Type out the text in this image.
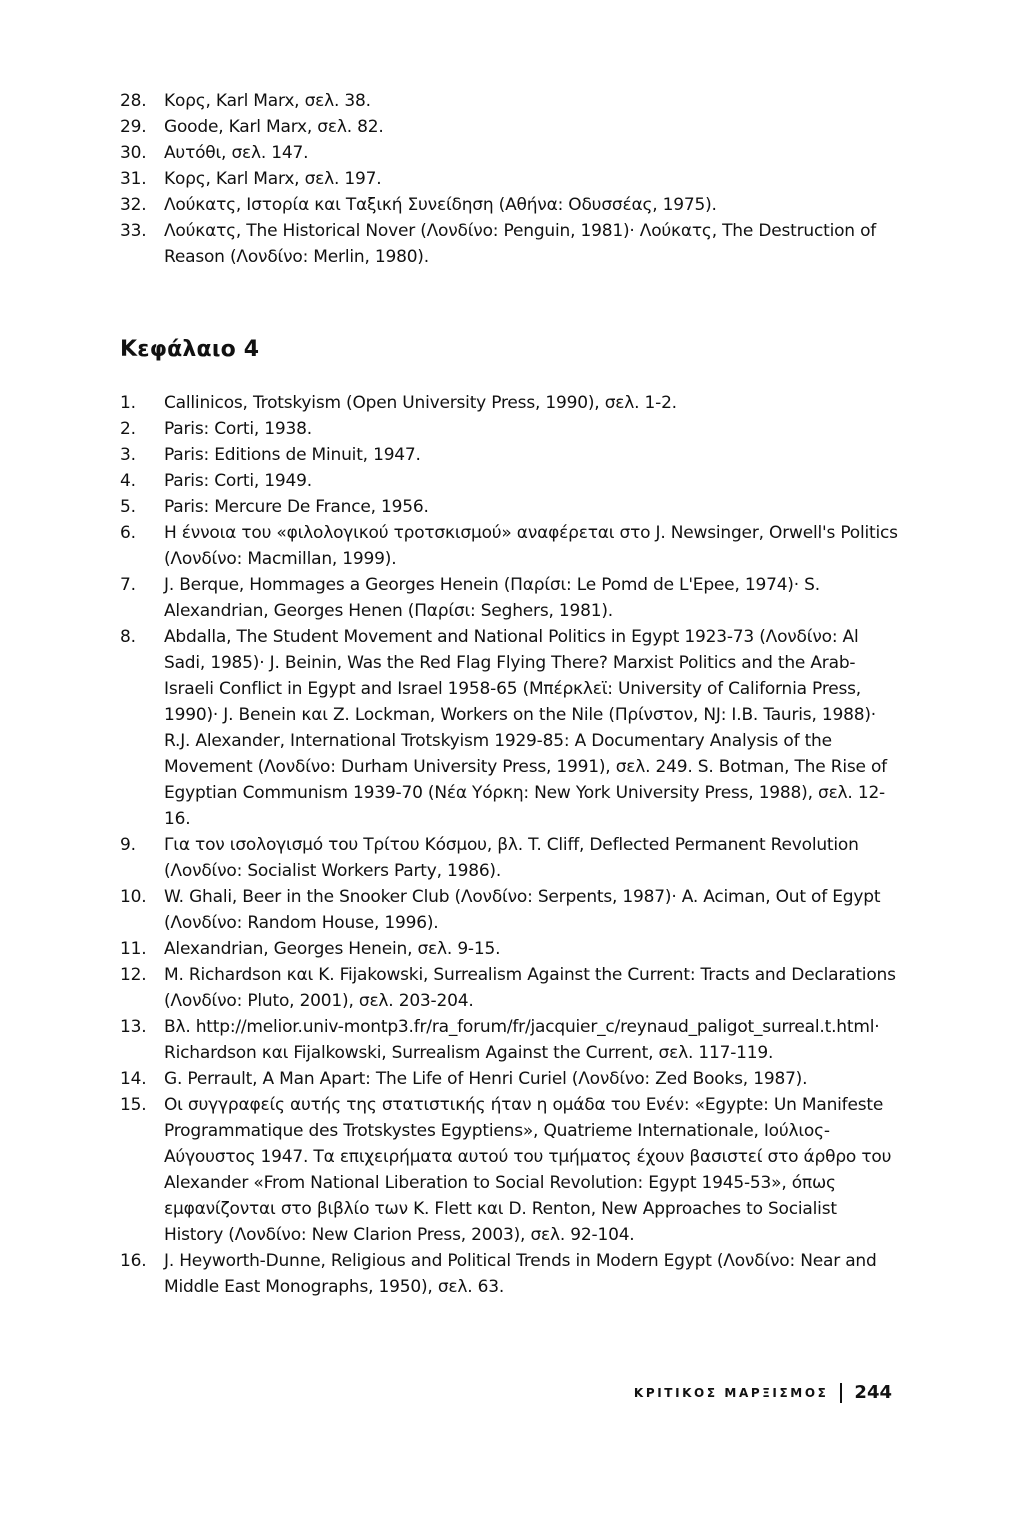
28.	Κορς, Karl Marx, σελ. 38.
29.	Goode, Karl Marx, σελ. 82.
30.	Αυτόθι, σελ. 147.
31.	Κορς, Karl Marx, σελ. 197.
32.	Λούκατς, Ιστορία και Ταξική Συνείδηση (Αθήνα: Οδυσσέας, 1975).
33.	Λούκατς, The Historical Nover (Λονδίνο: Penguin, 1981)· Λούκατς, The Destruction of Reason (Λονδίνο: Merlin, 1980).
Κεφάλαιο 4
1.	Callinicos, Trotskyism (Open University Press, 1990), σελ. 1-2.
2.	Paris: Corti, 1938.
3.	Paris: Editions de Minuit, 1947.
4.	Paris: Corti, 1949.
5.	Paris: Mercure De France, 1956.
6.	Η έννοια του «φιλολογικού τροτσκισμού» αναφέρεται στο J. Newsinger, Orwell's Politics (Λονδίνο: Macmillan, 1999).
7.	J. Berque, Hommages a Georges Henein (Παρίσι: Le Pomd de L'Epee, 1974)· S. Alexandrian, Georges Henen (Παρίσι: Seghers, 1981).
8.	Abdalla, The Student Movement and National Politics in Egypt 1923-73 (Λονδίνο: Al Sadi, 1985)· J. Beinin, Was the Red Flag Flying There? Marxist Politics and the Arab-Israeli Conflict in Egypt and Israel 1958-65 (Μπέρκλεϊ: University of California Press, 1990)· J. Benein και Z. Lockman, Workers on the Nile (Πρίνστον, NJ: I.B. Tauris, 1988)· R.J. Alexander, International Trotskyism 1929-85: A Documentary Analysis of the Movement (Λονδίνο: Durham University Press, 1991), σελ. 249. S. Botman, The Rise of Egyptian Communism 1939-70 (Νέα Υόρκη: New York University Press, 1988), σελ. 12-16.
9.	Για τον ισολογισμό του Τρίτου Κόσμου, βλ. T. Cliff, Deflected Permanent Revolution (Λονδίνο: Socialist Workers Party, 1986).
10.	W. Ghali, Beer in the Snooker Club (Λονδίνο: Serpents, 1987)· A. Aciman, Out of Egypt (Λονδίνο: Random House, 1996).
11.	Alexandrian, Georges Henein, σελ. 9-15.
12.	M. Richardson και K. Fijakowski, Surrealism Against the Current: Tracts and Declarations (Λονδίνο: Pluto, 2001), σελ. 203-204.
13.	Βλ. http://melior.univ-montp3.fr/ra_forum/fr/jacquier_c/reynaud_paligot_surreal.t.html· Richardson και Fijalkowski, Surrealism Against the Current, σελ. 117-119.
14.	G. Perrault, A Man Apart: The Life of Henri Curiel (Λονδίνο: Zed Books, 1987).
15.	Οι συγγραφείς αυτής της στατιστικής ήταν η ομάδα του Ενέν: «Egypte: Un Manifeste Programmatique des Trotskystes Egyptiens», Quatrieme Internationale, Ιούλιος-Αύγουστος 1947. Τα επιχειρήματα αυτού του τμήματος έχουν βασιστεί στο άρθρο του Alexander «From National Liberation to Social Revolution: Egypt 1945-53», όπως εμφανίζονται στο βιβλίο των K. Flett και D. Renton, New Approaches to Socialist History (Λονδίνο: New Clarion Press, 2003), σελ. 92-104.
16.	J. Heyworth-Dunne, Religious and Political Trends in Modern Egypt (Λονδίνο: Near and Middle East Monographs, 1950), σελ. 63.
ΚΡΙΤΙΚΟΣ ΜΑΡΞΙΣΜΟΣ 244
